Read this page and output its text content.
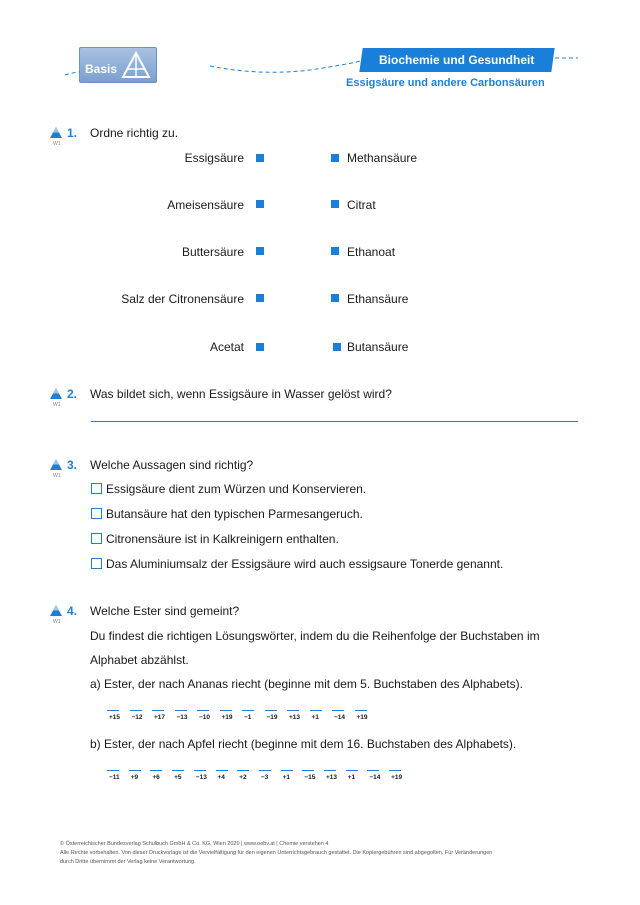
Basis
Biochemie und Gesundheit
Essigsäure und andere Carbonsäuren
W1
1. Ordne richtig zu.
Essigsäure
Ameisensäure
Buttersäure
Salz der Citronensäure
Acetat
Methansäure
Citrat
Ethanoat
Ethansäure
Butansäure
W1
2. Was bildet sich, wenn Essigsäure in Wasser gelöst wird?
W1
3. Welche Aussagen sind richtig?
Essigsäure dient zum Würzen und Konservieren.
Butansäure hat den typischen Parmesangeruch.
Citronensäure ist in Kalkreinigern enthalten.
Das Aluminiumsalz der Essigsäure wird auch essigsaure Tonerde genannt.
W1
4. Welche Ester sind gemeint?
Du findest die richtigen Lösungswörter, indem du die Reihenfolge der Buchstaben im
Alphabet abzählst.
a) Ester, der nach Ananas riecht (beginne mit dem 5. Buchstaben des Alphabets).
+15 −12 +17 −13 −10 +19 −1 −19 +13 +1 −14 +19
b) Ester, der nach Apfel riecht (beginne mit dem 16. Buchstaben des Alphabets).
−11 +9 +6 +5 −13 +4 +2 −3 +1 −15 +13 +1 −14 +19
© Österreichischer Bundesverlag Schulbuch GmbH & Co. KG, Wien 2020 | www.oebv.at | Chemie verstehen 4
Alle Rechte vorbehalten. Von dieser Druckvorlage ist die Vervielfältigung für den eigenen Unterrichtsgebrauch gestattet. Die Kopiergebühren sind abgegolten. Für Veränderungen
durch Dritte übernimmt der Verlag keine Verantwortung.
